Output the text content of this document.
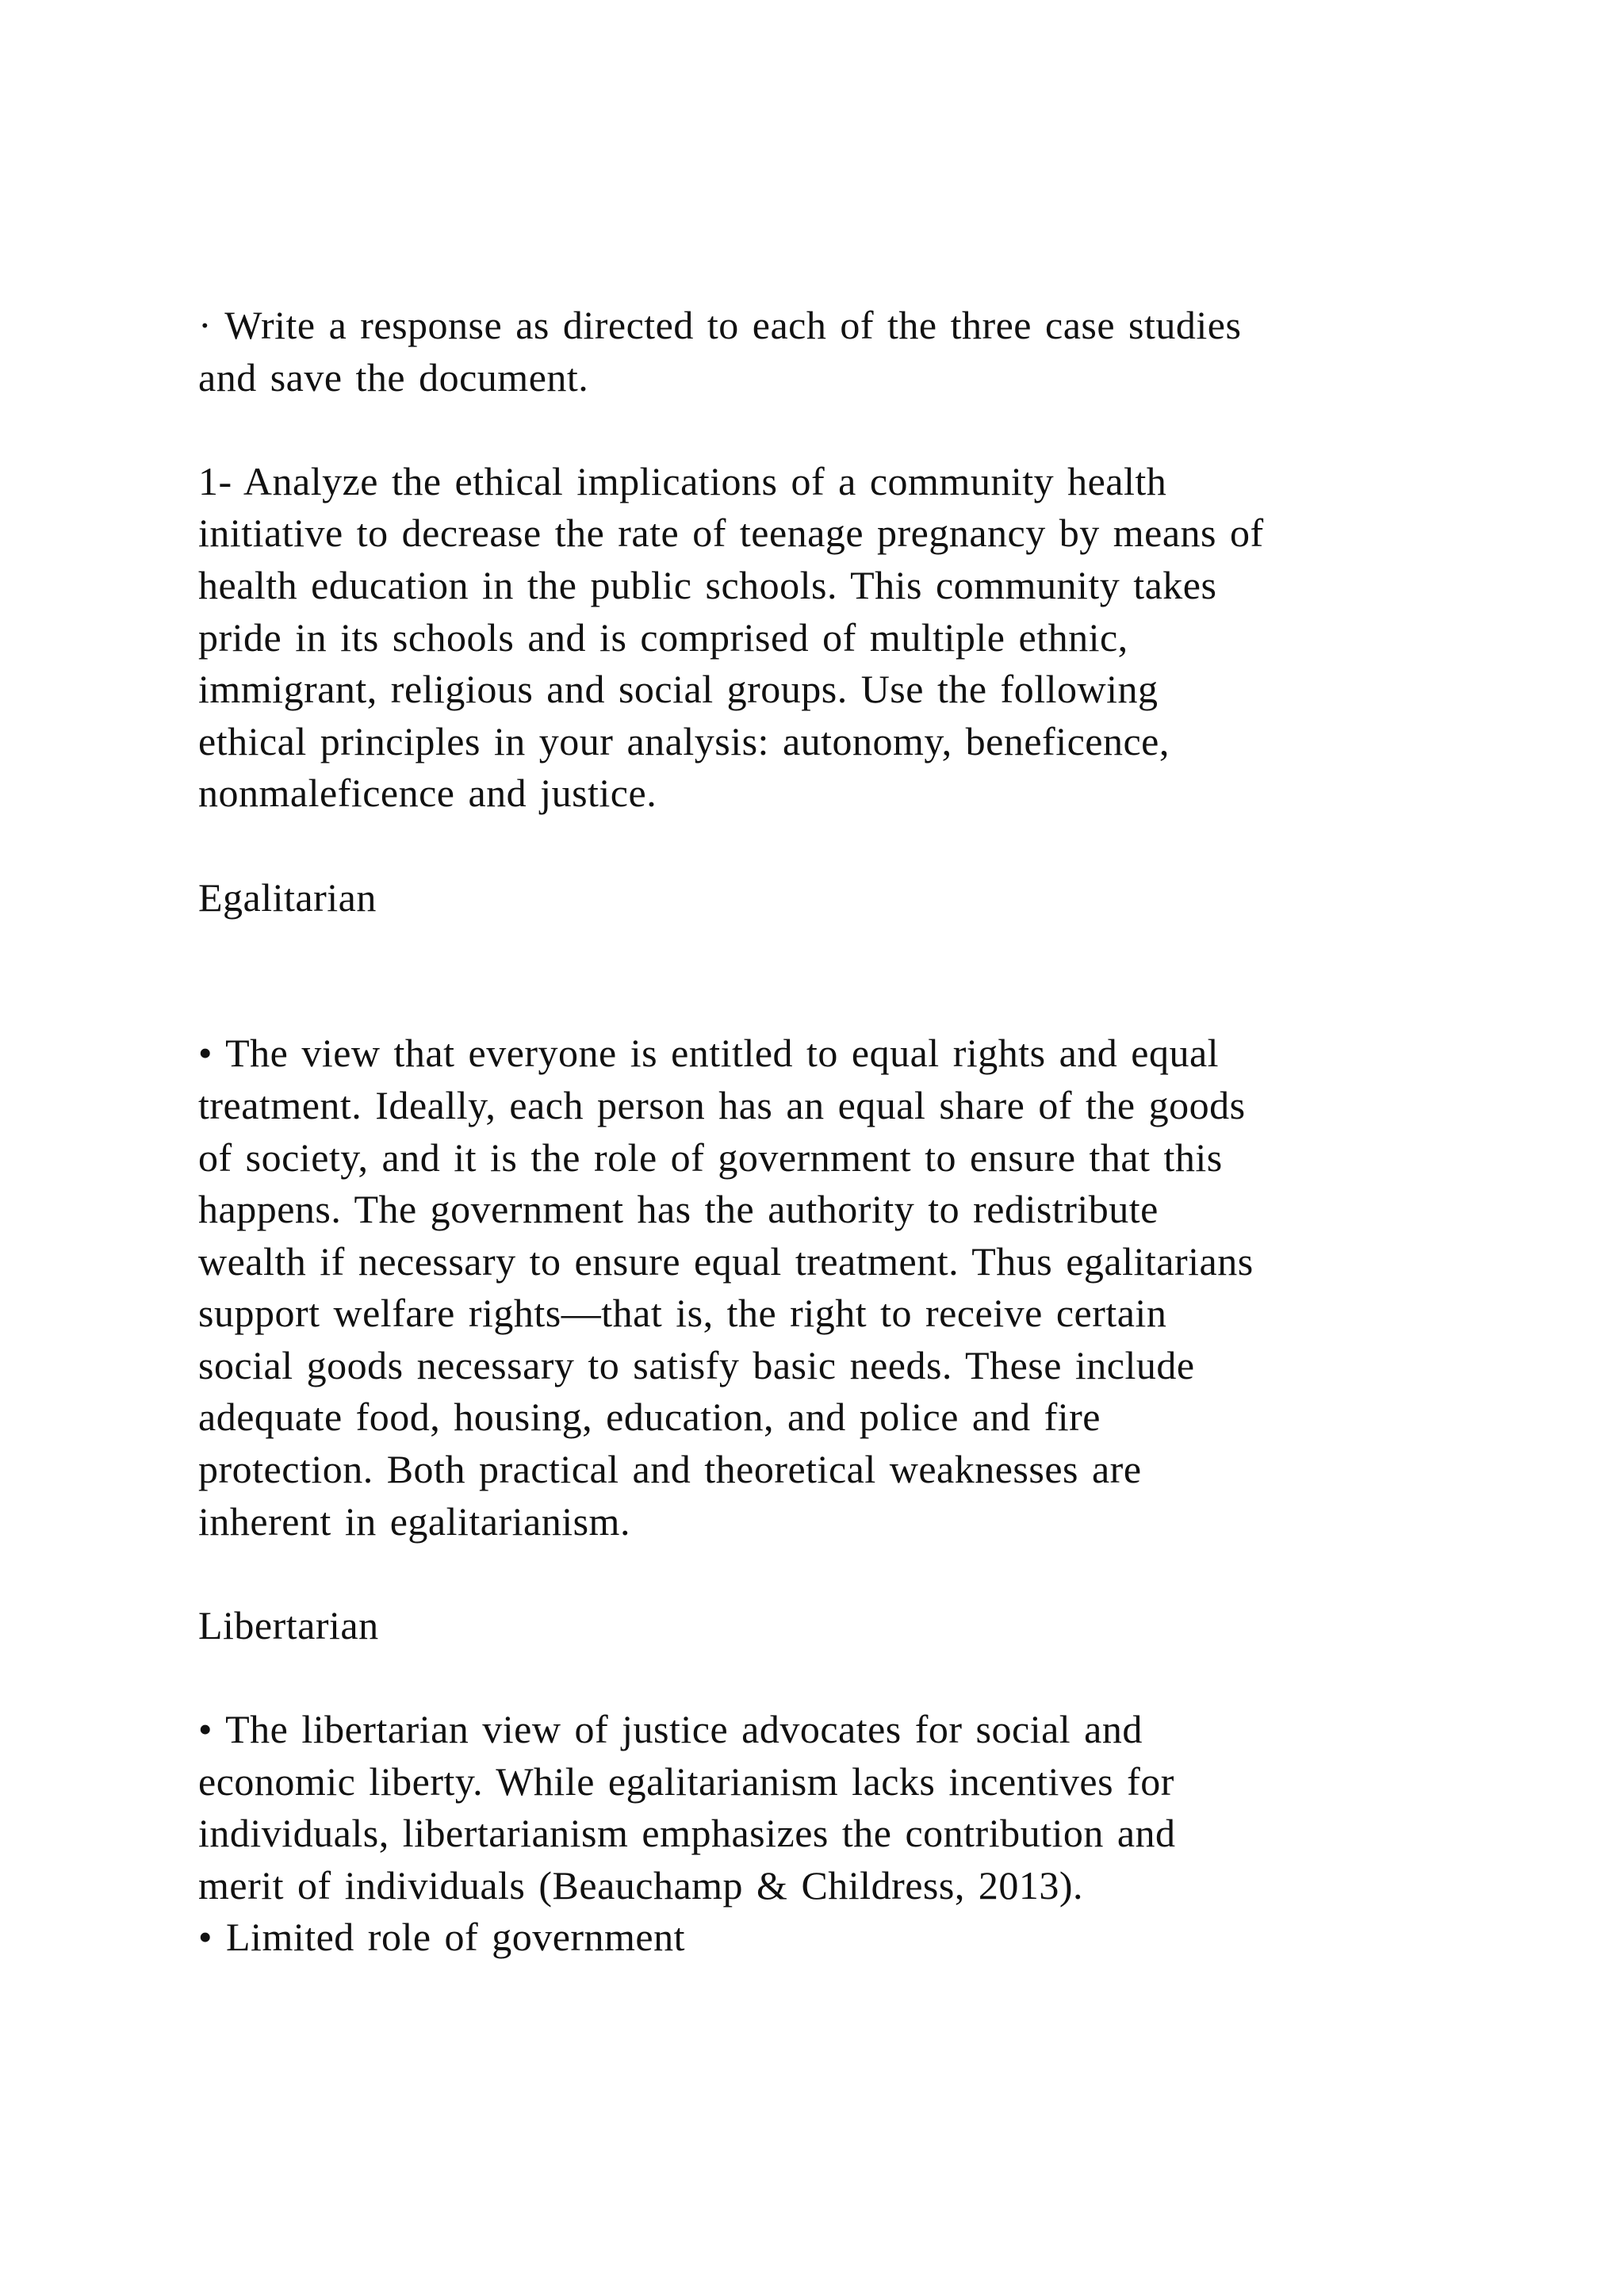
· Write a response as directed to each of the three case studies
and save the document.
1- Analyze the ethical implications of a community health
initiative to decrease the rate of teenage pregnancy by means of
health education in the public schools. This community takes
pride in its schools and is comprised of multiple ethnic,
immigrant, religious and social groups. Use the following
ethical principles in your analysis: autonomy, beneficence,
nonmaleficence and justice.
Egalitarian
• The view that everyone is entitled to equal rights and equal
treatment. Ideally, each person has an equal share of the goods
of society, and it is the role of government to ensure that this
happens. The government has the authority to redistribute
wealth if necessary to ensure equal treatment. Thus egalitarians
support welfare rights—that is, the right to receive certain
social goods necessary to satisfy basic needs. These include
adequate food, housing, education, and police and fire
protection. Both practical and theoretical weaknesses are
inherent in egalitarianism.
Libertarian
• The libertarian view of justice advocates for social and
economic liberty. While egalitarianism lacks incentives for
individuals, libertarianism emphasizes the contribution and
merit of individuals (Beauchamp & Childress, 2013).
• Limited role of government
